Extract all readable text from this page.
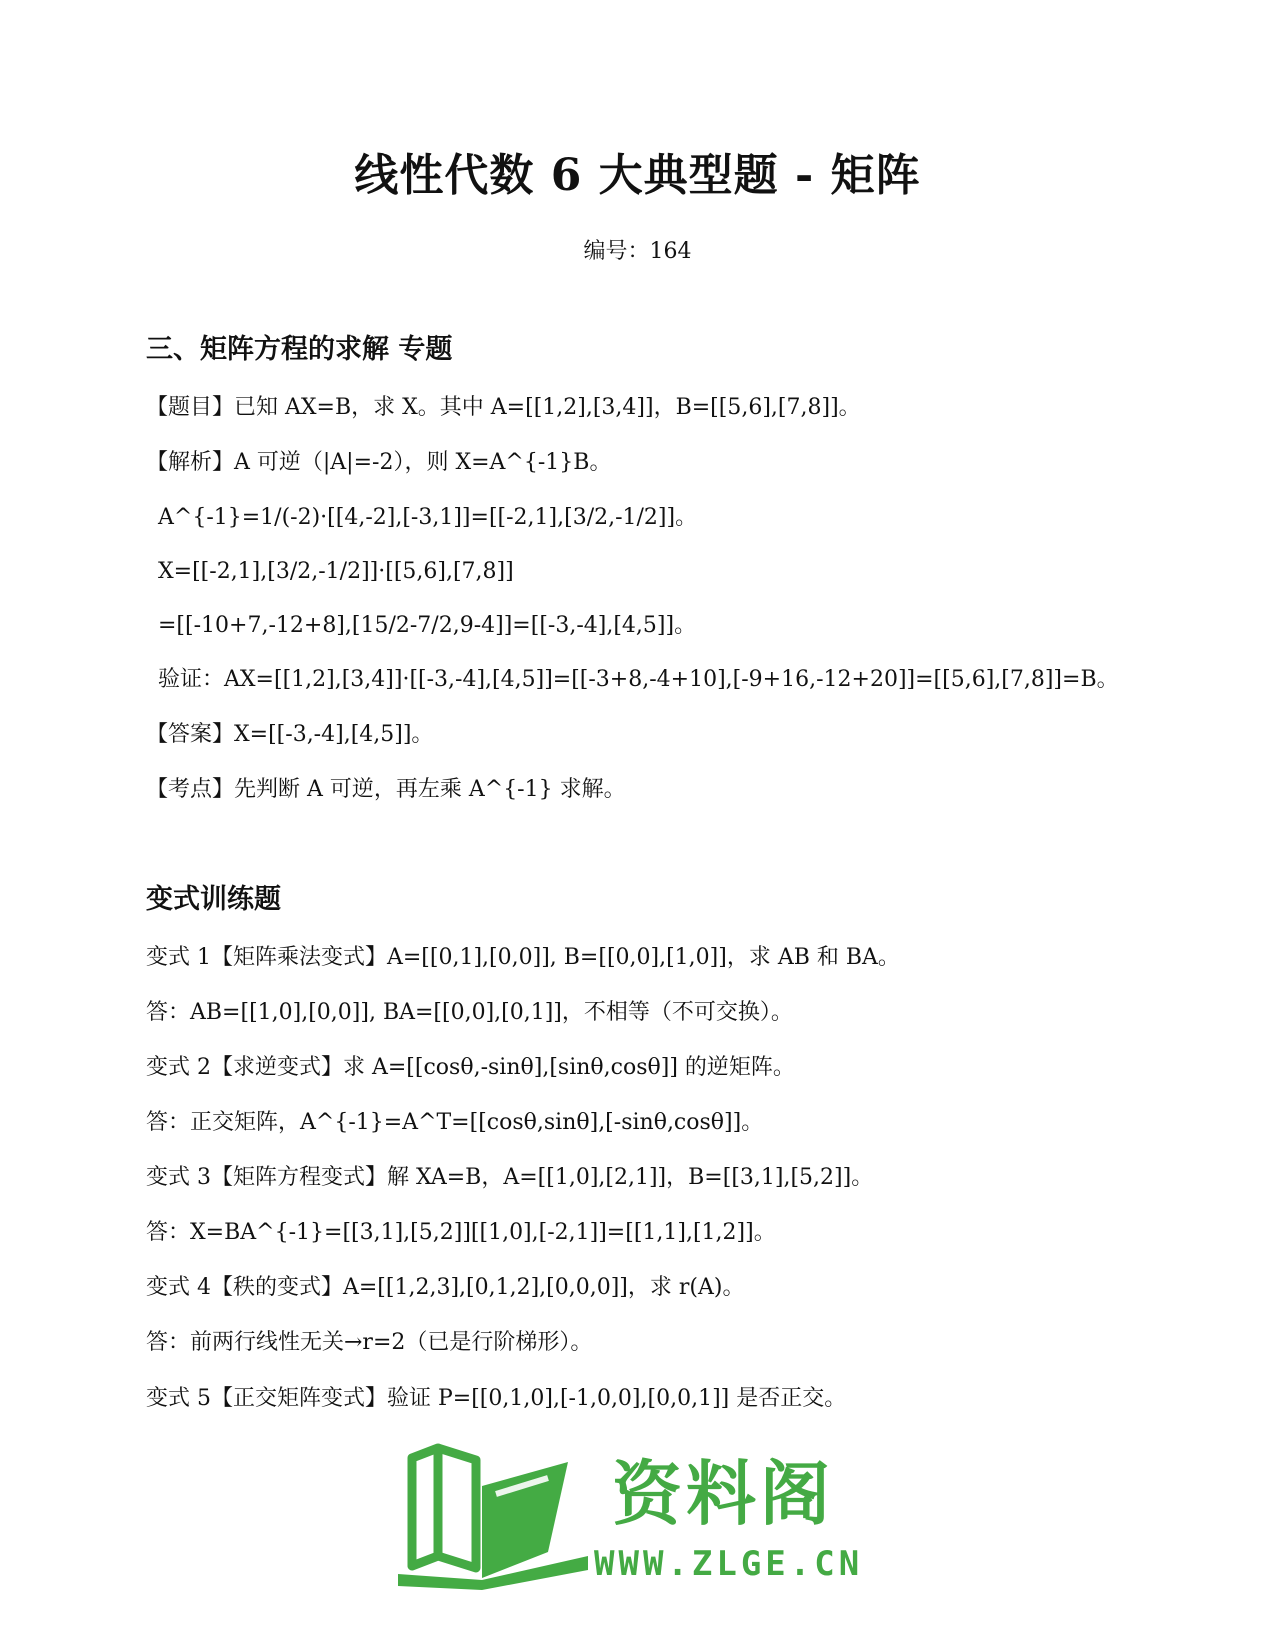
线性代数 6 大典型题 - 矩阵
编号：164
三、矩阵方程的求解 专题
【题目】已知 AX=B，求 X。其中 A=[[1,2],[3,4]]，B=[[5,6],[7,8]]。
【解析】A 可逆（|A|=-2），则 X=A^{-1}B。
A^{-1}=1/(-2)·[[4,-2],[-3,1]]=[[-2,1],[3/2,-1/2]]。
X=[[-2,1],[3/2,-1/2]]·[[5,6],[7,8]]
=[[-10+7,-12+8],[15/2-7/2,9-4]]=[[-3,-4],[4,5]]。
验证：AX=[[1,2],[3,4]]·[[-3,-4],[4,5]]=[[-3+8,-4+10],[-9+16,-12+20]]=[[5,6],[7,8]]=B。
【答案】X=[[-3,-4],[4,5]]。
【考点】先判断 A 可逆，再左乘 A^{-1} 求解。
变式训练题
变式 1【矩阵乘法变式】A=[[0,1],[0,0]], B=[[0,0],[1,0]]，求 AB 和 BA。
答：AB=[[1,0],[0,0]], BA=[[0,0],[0,1]]，不相等（不可交换）。
变式 2【求逆变式】求 A=[[cosθ,-sinθ],[sinθ,cosθ]] 的逆矩阵。
答：正交矩阵，A^{-1}=A^T=[[cosθ,sinθ],[-sinθ,cosθ]]。
变式 3【矩阵方程变式】解 XA=B，A=[[1,0],[2,1]]，B=[[3,1],[5,2]]。
答：X=BA^{-1}=[[3,1],[5,2]][[1,0],[-2,1]]=[[1,1],[1,2]]。
变式 4【秩的变式】A=[[1,2,3],[0,1,2],[0,0,0]]，求 r(A)。
答：前两行线性无关→r=2（已是行阶梯形）。
变式 5【正交矩阵变式】验证 P=[[0,1,0],[-1,0,0],[0,0,1]] 是否正交。
资料阁
WWW.ZLGE.CN
